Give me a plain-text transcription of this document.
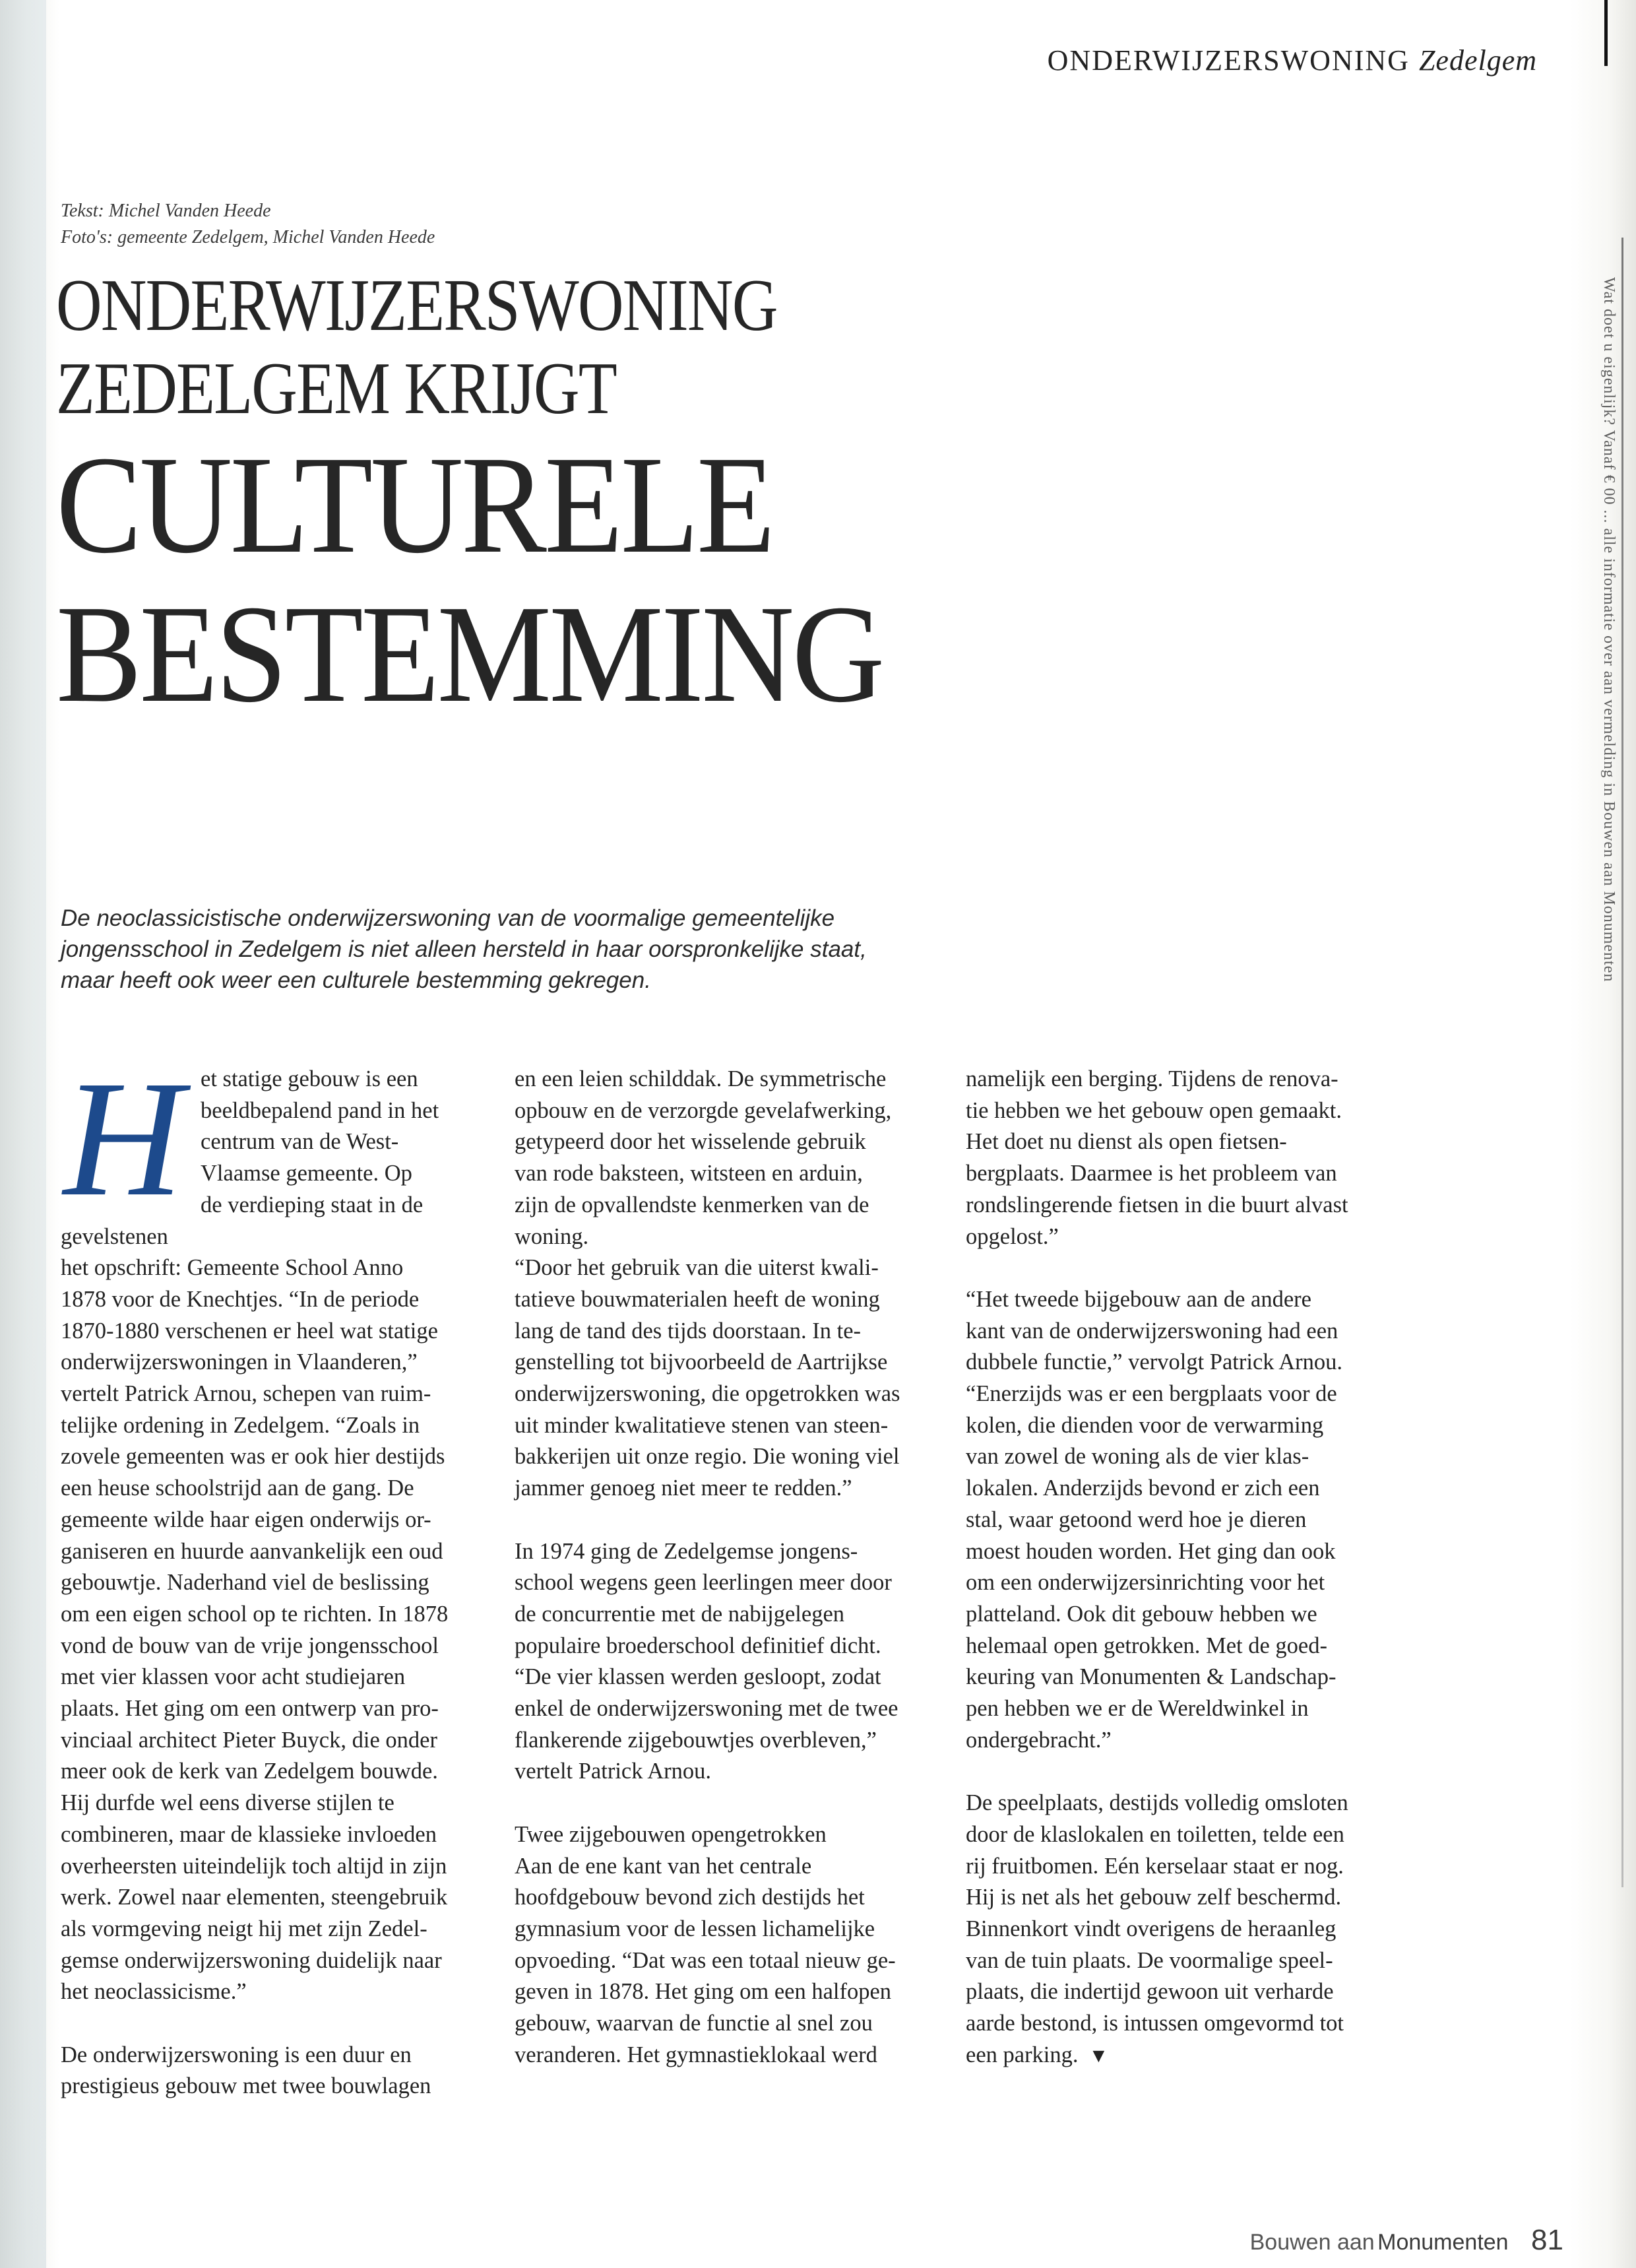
ONDERWIJZERSWONING Zedelgem
Wat doet u eigenlijk? Vanaf € 00 ... alle informatie over aan vermelding in Bouwen aan Monumenten
Tekst: Michel Vanden Heede
Foto's: gemeente Zedelgem, Michel Vanden Heede
ONDERWIJZERSWONING
ZEDELGEM KRIJGT
CULTURELE
BESTEMMING
De neoclassicistische onderwijzerswoning van de voormalige gemeentelijke jongensschool in Zedelgem is niet alleen hersteld in haar oorspronkelijke staat, maar heeft ook weer een culturele bestemming gekregen.
H et statige gebouw is een
beeldbepalend pand in het
centrum van de West-
Vlaamse gemeente. Op
de verdieping staat in de gevelstenen
het opschrift: Gemeente School Anno
1878 voor de Knechtjes. “In de periode
1870-1880 verschenen er heel wat statige
onderwijzerswoningen in Vlaanderen,”
vertelt Patrick Arnou, schepen van ruim-
telijke ordening in Zedelgem. “Zoals in
zovele gemeenten was er ook hier destijds
een heuse schoolstrijd aan de gang. De
gemeente wilde haar eigen onderwijs or-
ganiseren en huurde aanvankelijk een oud
gebouwtje. Naderhand viel de beslissing
om een eigen school op te richten. In 1878
vond de bouw van de vrije jongensschool
met vier klassen voor acht studiejaren
plaats. Het ging om een ontwerp van pro-
vinciaal architect Pieter Buyck, die onder
meer ook de kerk van Zedelgem bouwde.
Hij durfde wel eens diverse stijlen te
combineren, maar de klassieke invloeden
overheersten uiteindelijk toch altijd in zijn
werk. Zowel naar elementen, steengebruik
als vormgeving neigt hij met zijn Zedel-
gemse onderwijzerswoning duidelijk naar
het neoclassicisme.”

De onderwijzerswoning is een duur en
prestigieus gebouw met twee bouwlagen

en een leien schilddak. De symmetrische
opbouw en de verzorgde gevelafwerking,
getypeerd door het wisselende gebruik
van rode baksteen, witsteen en arduin,
zijn de opvallendste kenmerken van de
woning.
“Door het gebruik van die uiterst kwali-
tatieve bouwmaterialen heeft de woning
lang de tand des tijds doorstaan. In te-
genstelling tot bijvoorbeeld de Aartrijkse
onderwijzerswoning, die opgetrokken was
uit minder kwalitatieve stenen van steen-
bakkerijen uit onze regio. Die woning viel
jammer genoeg niet meer te redden.”

In 1974 ging de Zedelgemse jongens-
school wegens geen leerlingen meer door
de concurrentie met de nabijgelegen
populaire broederschool definitief dicht.
“De vier klassen werden gesloopt, zodat
enkel de onderwijzerswoning met de twee
flankerende zijgebouwtjes overbleven,”
vertelt Patrick Arnou.

Twee zijgebouwen opengetrokken
Aan de ene kant van het centrale
hoofdgebouw bevond zich destijds het
gymnasium voor de lessen lichamelijke
opvoeding. “Dat was een totaal nieuw ge-
geven in 1878. Het ging om een halfopen
gebouw, waarvan de functie al snel zou
veranderen. Het gymnastieklokaal werd

namelijk een berging. Tijdens de renova-
tie hebben we het gebouw open gemaakt.
Het doet nu dienst als open fietsen-
bergplaats. Daarmee is het probleem van
rondslingerende fietsen in die buurt alvast
opgelost.”

“Het tweede bijgebouw aan de andere
kant van de onderwijzerswoning had een
dubbele functie,” vervolgt Patrick Arnou.
“Enerzijds was er een bergplaats voor de
kolen, die dienden voor de verwarming
van zowel de woning als de vier klas-
lokalen. Anderzijds bevond er zich een
stal, waar getoond werd hoe je dieren
moest houden worden. Het ging dan ook
om een onderwijzersinrichting voor het
platteland. Ook dit gebouw hebben we
helemaal open getrokken. Met de goed-
keuring van Monumenten & Landschap-
pen hebben we er de Wereldwinkel in
ondergebracht.”

De speelplaats, destijds volledig omsloten
door de klaslokalen en toiletten, telde een
rij fruitbomen. Eén kerselaar staat er nog.
Hij is net als het gebouw zelf beschermd.
Binnenkort vindt overigens de heraanleg
van de tuin plaats. De voormalige speel-
plaats, die indertijd gewoon uit verharde
aarde bestond, is intussen omgevormd tot
een parking. ▼

Bouwen aan Monumenten 81
